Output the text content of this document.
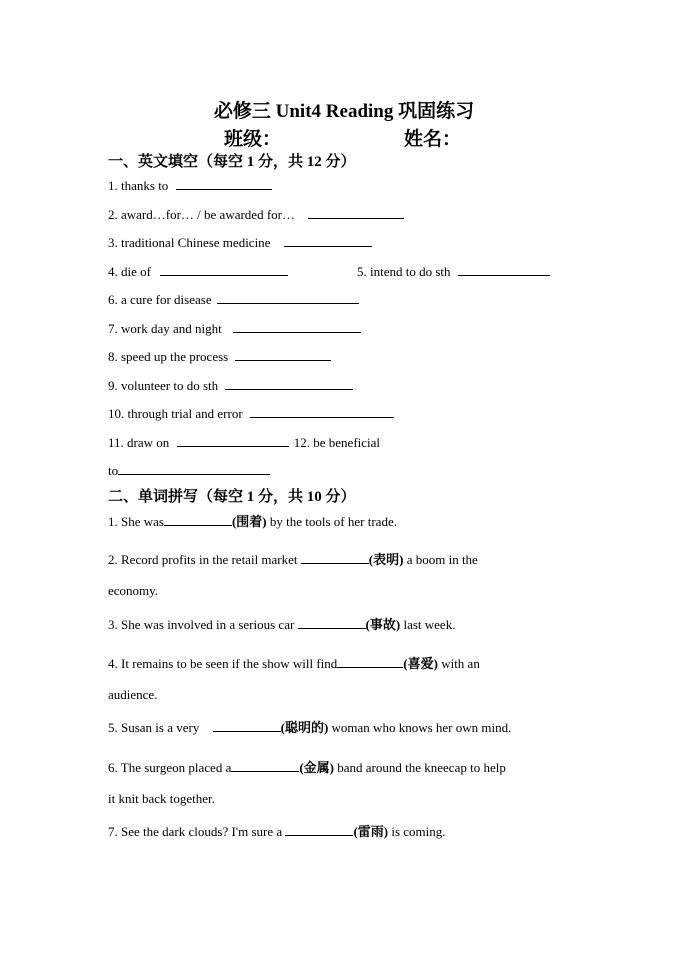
必修三 Unit4 Reading 巩固练习
班级：	姓名：
一、英文填空（每空 1 分，共 12 分）
1. thanks to
2. award…for… / be awarded for…
3. traditional Chinese medicine
4. die of	5. intend to do sth
6. a cure for disease
7. work day and night
8. speed up the process
9. volunteer to do sth
10. through trial and error
11. draw on	12. be beneficial
to
二、单词拼写（每空 1 分，共 10 分）
1. She was	(围着) by the tools of her trade.
2. Record profits in the retail market	(表明) a boom in the
economy.
3. She was involved in a serious car	(事故) last week.
4. It remains to be seen if the show will find	(喜爱) with an
audience.
5. Susan is a very	(聪明的) woman who knows her own mind.
6. The surgeon placed a	(金属) band around the kneecap to help
it knit back together.
7. See the dark clouds? I'm sure a	(雷雨) is coming.
